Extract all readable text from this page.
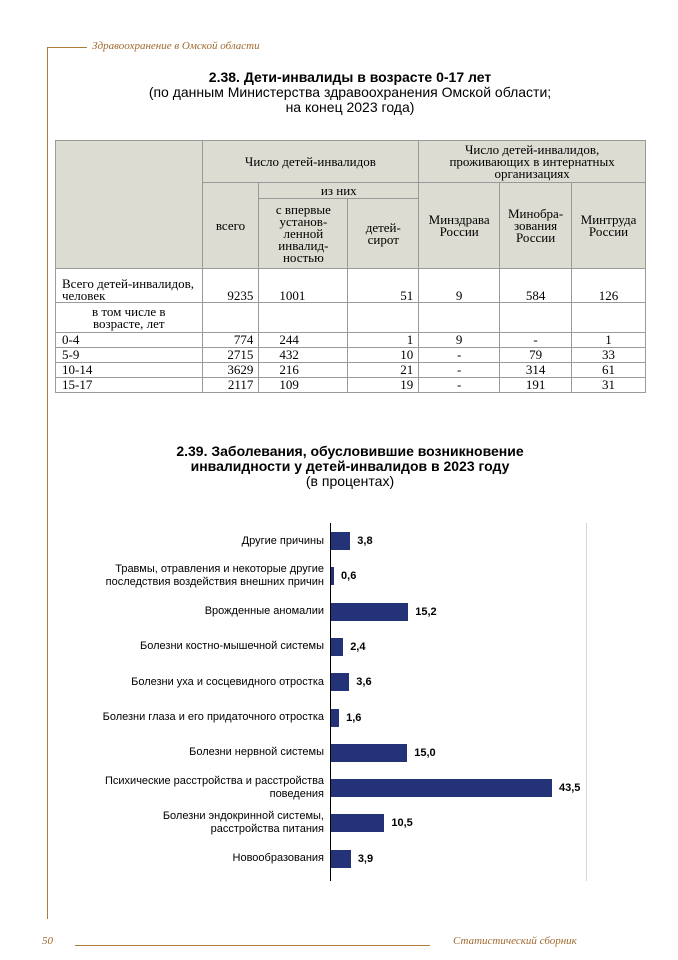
Здравоохранение в Омской области
2.38. Дети-инвалиды в возрасте 0-17 лет
(по данным Министерства здравоохранения Омской области;
на конец 2023 года)
	Число детей-инвалидов			Число детей-инвалидов, проживающих в интернатных организациях		
	всего	из них		Минздрава России	Минобра-зования России	Минтруда России
		с впервые установ-ленной инвалид-ностью	детей-сирот			
Всего детей-инвалидов, человек	9235	1001	51	9	584	126
в том числе в возрасте, лет						
0-4	774	244	1	9	-	1
5-9	2715	432	10	-	79	33
10-14	3629	216	21	-	314	61
15-17	2117	109	19	-	191	31
2.39. Заболевания, обусловившие возникновение
инвалидности у детей-инвалидов в 2023 году
(в процентах)
Другие причины	3,8
Травмы, отравления и некоторые другие
последствия воздействия внешних причин 0,6
Врожденные аномалии	15,2
Болезни костно-мышечной системы 2,4
Болезни уха и сосцевидного отростка	3,6
Болезни глаза и его придаточного отростка 1,6
Болезни нервной системы	15,0
Психические расстройства и расстройства
поведения	43,5
Болезни эндокринной системы,
расстройства питания	10,5
Новообразования	3,9
50	Статистический сборник
